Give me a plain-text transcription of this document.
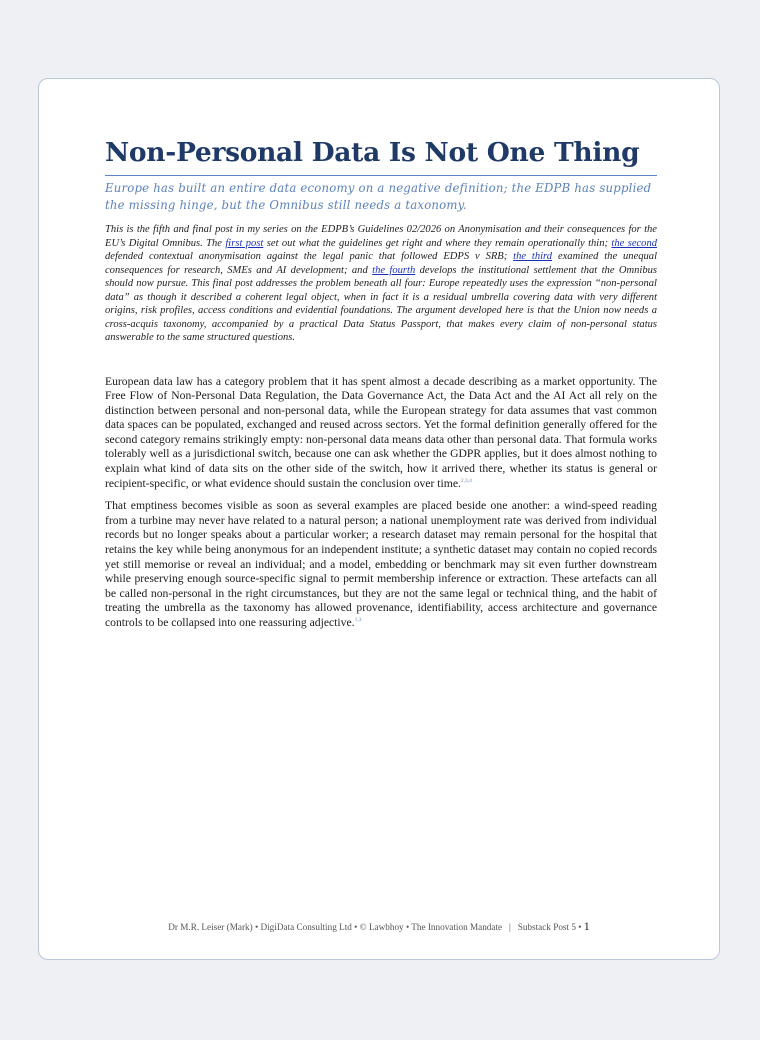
Non-Personal Data Is Not One Thing

Europe has built an entire data economy on a negative definition; the EDPB has supplied the missing hinge, but the Omnibus still needs a taxonomy.

This is the fifth and final post in my series on the EDPB’s Guidelines 02/2026 on Anonymisation and their consequences for the EU’s Digital Omnibus. The first post set out what the guidelines get right and where they remain operationally thin; the second defended contextual anonymisation against the legal panic that followed EDPS v SRB; the third examined the unequal consequences for research, SMEs and AI development; and the fourth develops the institutional settlement that the Omnibus should now pursue. This final post addresses the problem beneath all four: Europe repeatedly uses the expression “non-personal data” as though it described a coherent legal object, when in fact it is a residual umbrella covering data with very different origins, risk profiles, access conditions and evidential foundations. The argument developed here is that the Union now needs a cross-acquis taxonomy, accompanied by a practical Data Status Passport, that makes every claim of non-personal status answerable to the same structured questions.

European data law has a category problem that it has spent almost a decade describing as a market opportunity. The Free Flow of Non-Personal Data Regulation, the Data Governance Act, the Data Act and the AI Act all rely on the distinction between personal and non-personal data, while the European strategy for data assumes that vast common data spaces can be populated, exchanged and reused across sectors. Yet the formal definition generally offered for the second category remains strikingly empty: non-personal data means data other than personal data. That formula works tolerably well as a jurisdictional switch, because one can ask whether the GDPR applies, but it does almost nothing to explain what kind of data sits on the other side of the switch, how it arrived there, whether its status is general or recipient-specific, or what evidence should sustain the conclusion over time.$^{2,3,4}$

That emptiness becomes visible as soon as several examples are placed beside one another: a wind-speed reading from a turbine may never have related to a natural person; a national unemployment rate was derived from individual records but no longer speaks about a particular worker; a research dataset may remain personal for the hospital that retains the key while being anonymous for an independent institute; a synthetic dataset may contain no copied records yet still memorise or reveal an individual; and a model, embedding or benchmark may sit even further downstream while preserving enough source-specific signal to permit membership inference or extraction. These artefacts can all be called non-personal in the right circumstances, but they are not the same legal or technical thing, and the habit of treating the umbrella as the taxonomy has allowed provenance, identifiability, access architecture and governance controls to be collapsed into one reassuring adjective.$^{1,3}$

Dr M.R. Leiser (Mark) • DigiData Consulting Ltd • © Lawbhoy • The Innovation Mandate   |   Substack Post 5 • 1
